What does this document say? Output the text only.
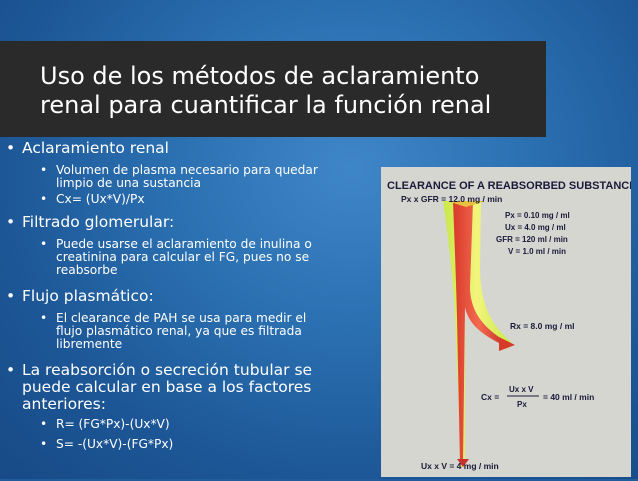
Uso de los métodos de aclaramiento
renal para cuantificar la función renal
• Aclaramiento renal
• Volumen de plasma necesario para quedar
limpio de una sustancia
• Cx= (Ux*V)/Px
• Filtrado glomerular:
• Puede usarse el aclaramiento de inulina o
creatinina para calcular el FG, pues no se
reabsorbe
• Flujo plasmático:
• El clearance de PAH se usa para medir el
flujo plasmático renal, ya que es filtrada
libremente
• La reabsorción o secreción tubular se
puede calcular en base a los factores
anteriores:
• R= (FG*Px)-(Ux*V)
• S= -(Ux*V)-(FG*Px)
CLEARANCE OF A REABSORBED SUBSTANCE
Px x GFR = 12.0 mg / min
Px = 0.10 mg / ml
Ux = 4.0 mg / ml
GFR = 120 ml / min
V = 1.0 ml / min
Rx = 8.0 mg / ml
Cx =
Ux x V
Px
= 40 ml / min
Ux x V = 4 mg / min
